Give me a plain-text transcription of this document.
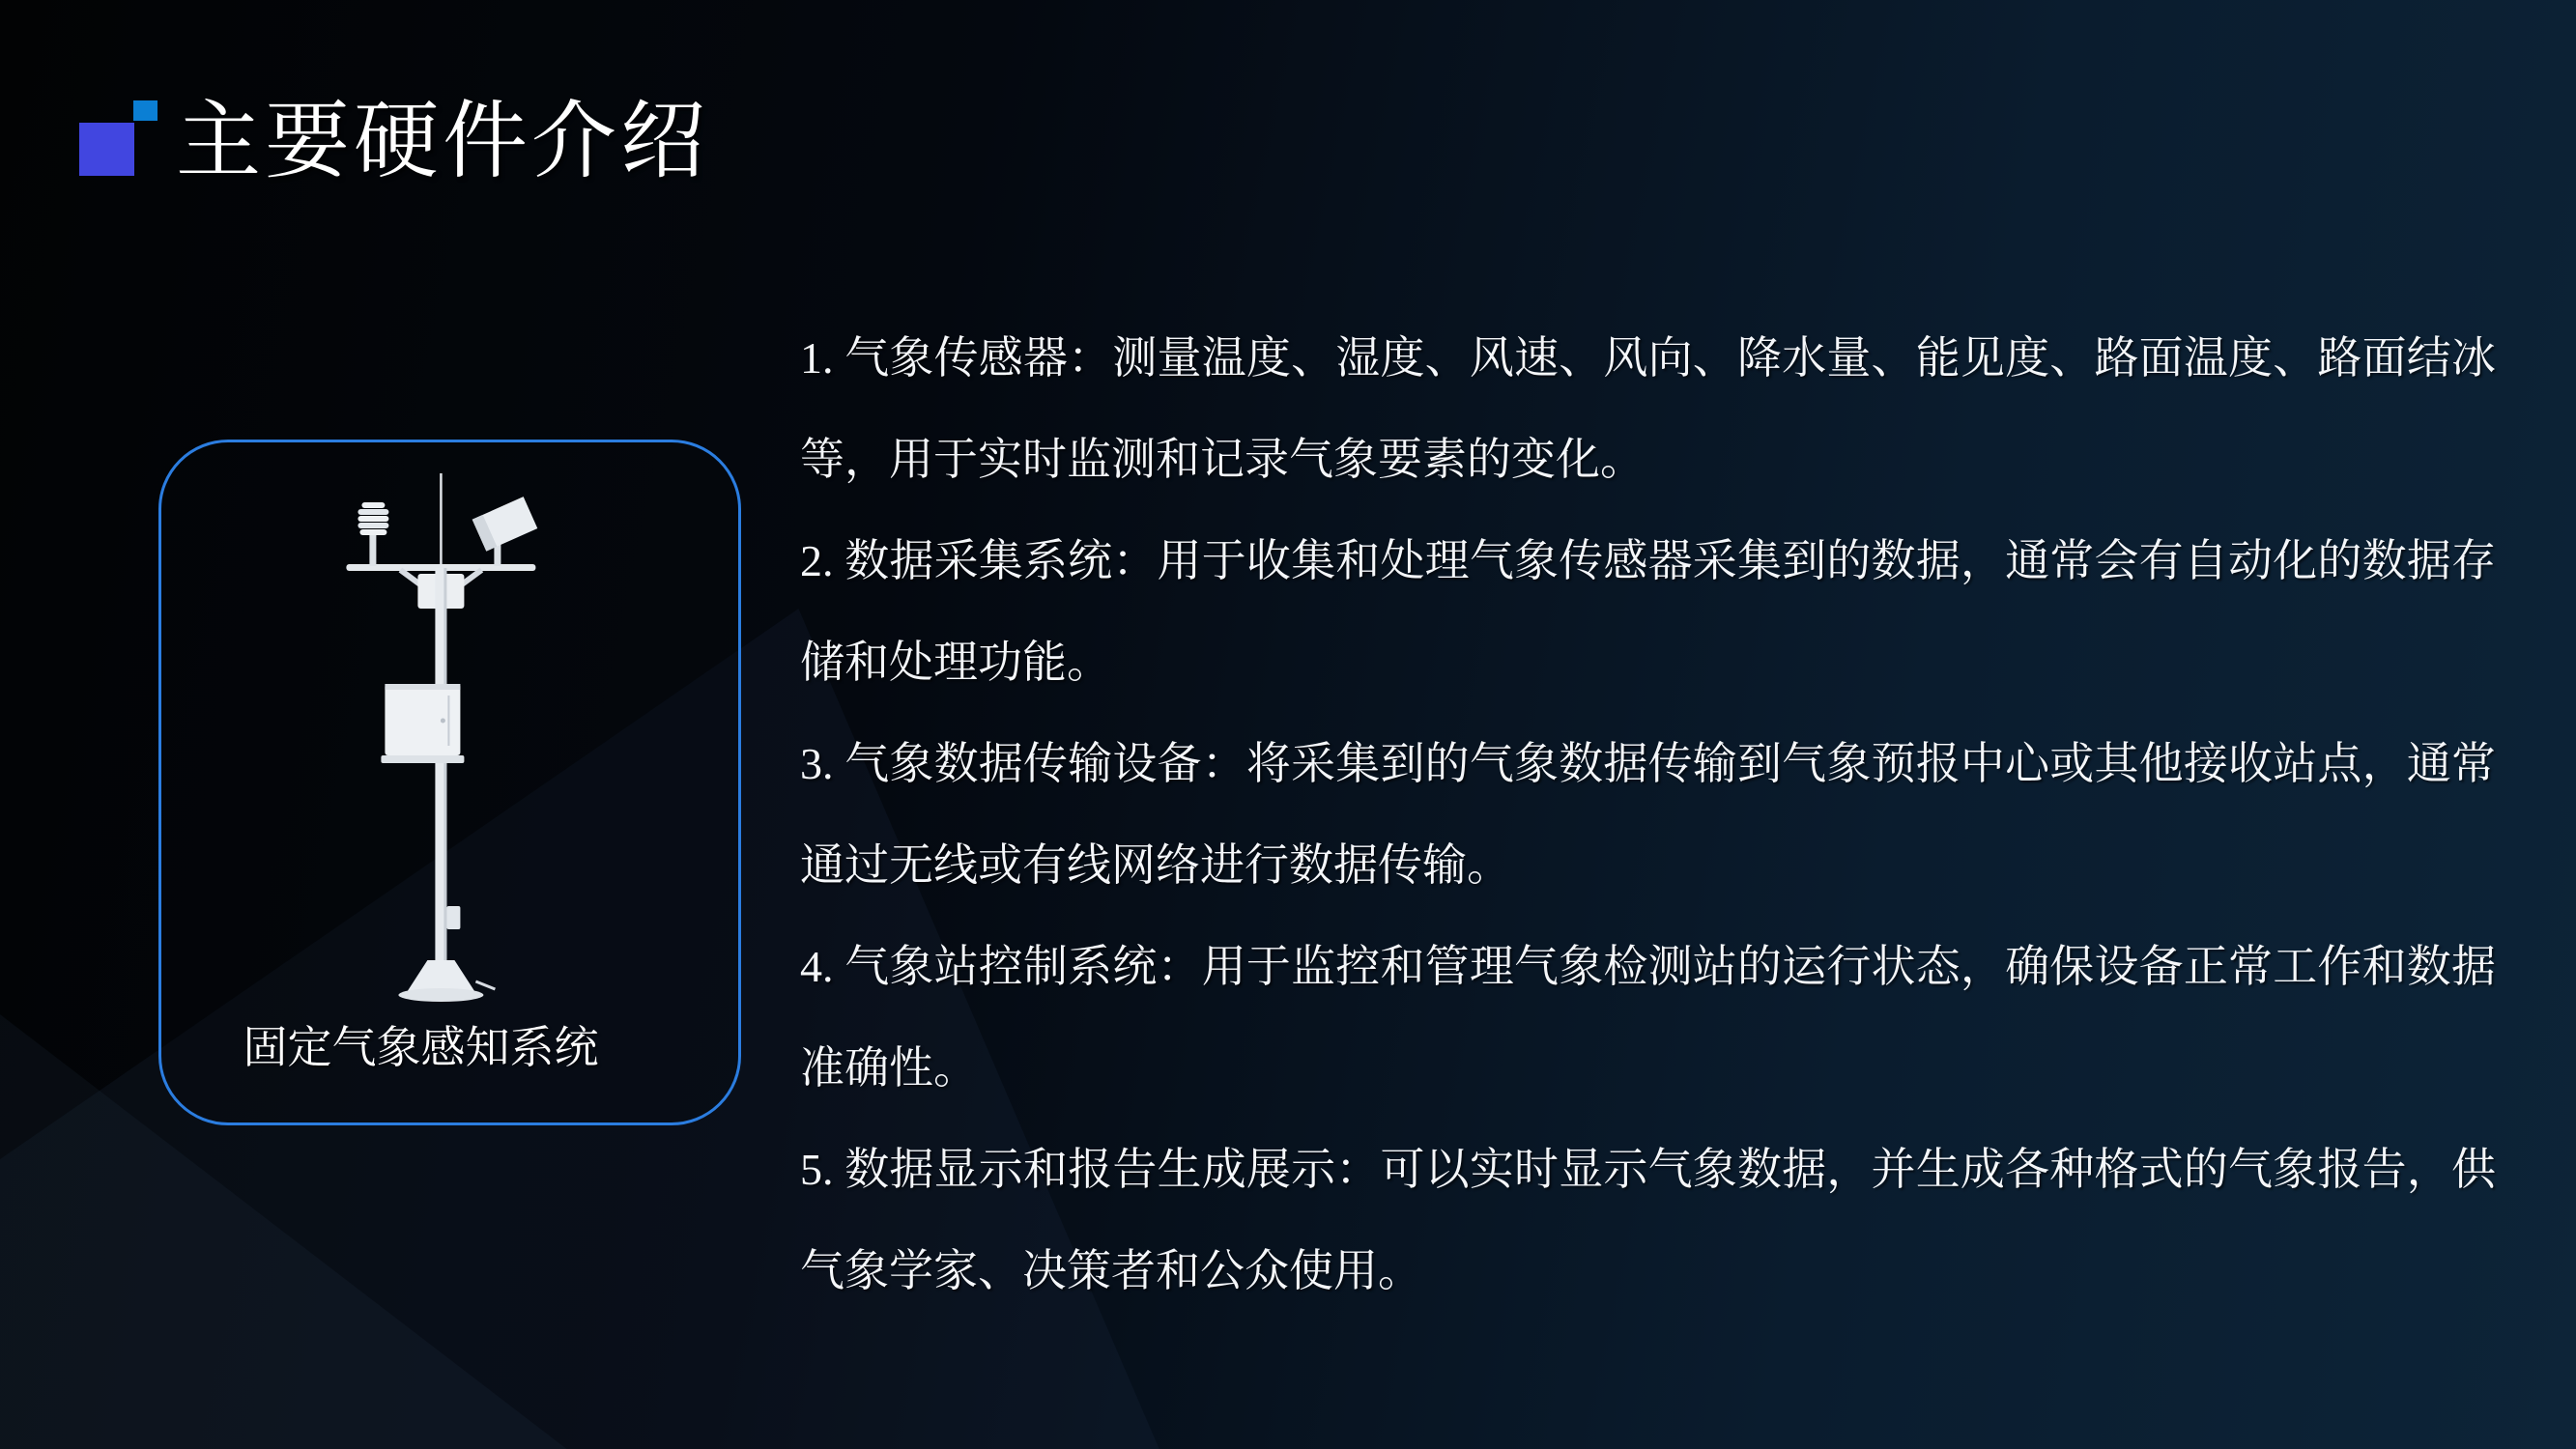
主要硬件介绍
固定气象感知系统

1. 气象传感器：测量温度、湿度、风速、风向、降水量、能见度、路面温度、路面结冰等，用于实时监测和记录气象要素的变化。

2. 数据采集系统：用于收集和处理气象传感器采集到的数据，通常会有自动化的数据存储和处理功能。

3. 气象数据传输设备：将采集到的气象数据传输到气象预报中心或其他接收站点，通常通过无线或有线网络进行数据传输。

4. 气象站控制系统：用于监控和管理气象检测站的运行状态，确保设备正常工作和数据准确性。

5. 数据显示和报告生成展示：可以实时显示气象数据，并生成各种格式的气象报告，供气象学家、决策者和公众使用。
